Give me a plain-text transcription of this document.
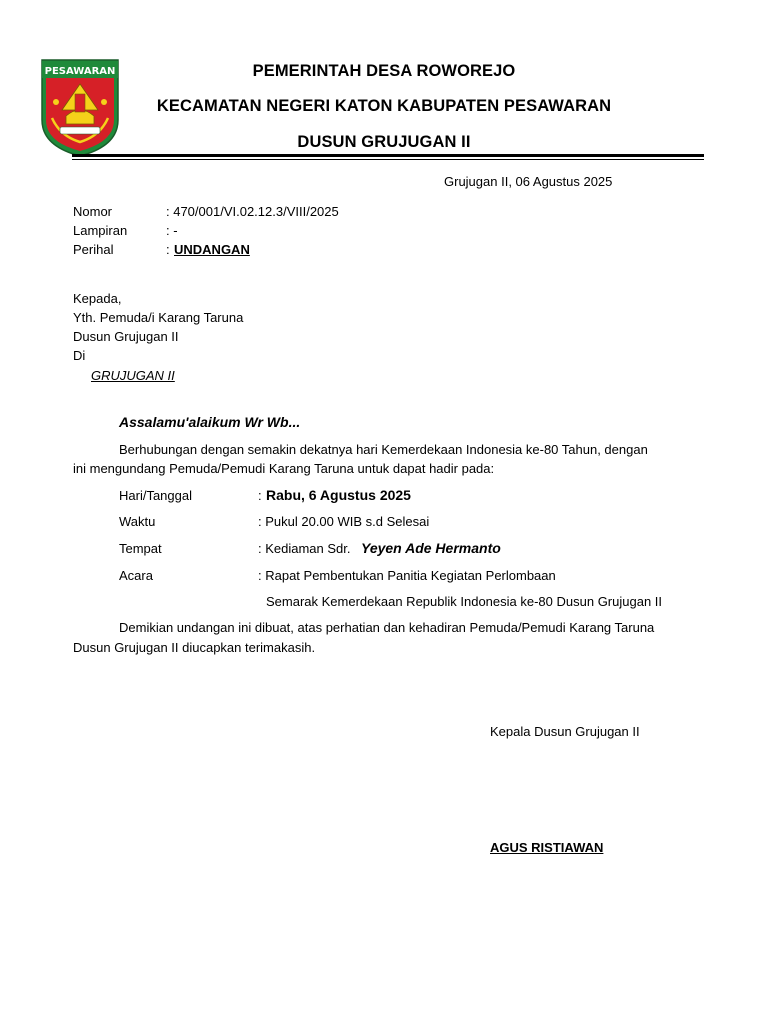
PESAWARAN	PEMERINTAH DESA ROWOREJO
KECAMATAN NEGERI KATON KABUPATEN PESAWARAN
DUSUN GRUJUGAN II
Grujugan II, 06 Agustus 2025
Nomor	: 470/001/VI.02.12.3/VIII/2025
Lampiran	: -
Perihal	: UNDANGAN
Kepada,
Yth. Pemuda/i Karang Taruna
Dusun Grujugan II
Di
GRUJUGAN II
Assalamu'alaikum Wr Wb...
Berhubungan dengan semakin dekatnya hari Kemerdekaan Indonesia ke-80 Tahun, dengan
ini mengundang Pemuda/Pemudi Karang Taruna untuk dapat hadir pada:
Hari/Tanggal	: Rabu, 6 Agustus 2025
Waktu	: Pukul 20.00 WIB s.d Selesai
Tempat	: Kediaman Sdr. Yeyen Ade Hermanto
Acara	: Rapat Pembentukan Panitia Kegiatan Perlombaan
Semarak Kemerdekaan Republik Indonesia ke-80 Dusun Grujugan II
Demikian undangan ini dibuat, atas perhatian dan kehadiran Pemuda/Pemudi Karang Taruna
Dusun Grujugan II diucapkan terimakasih.
Kepala Dusun Grujugan II
AGUS RISTIAWAN
